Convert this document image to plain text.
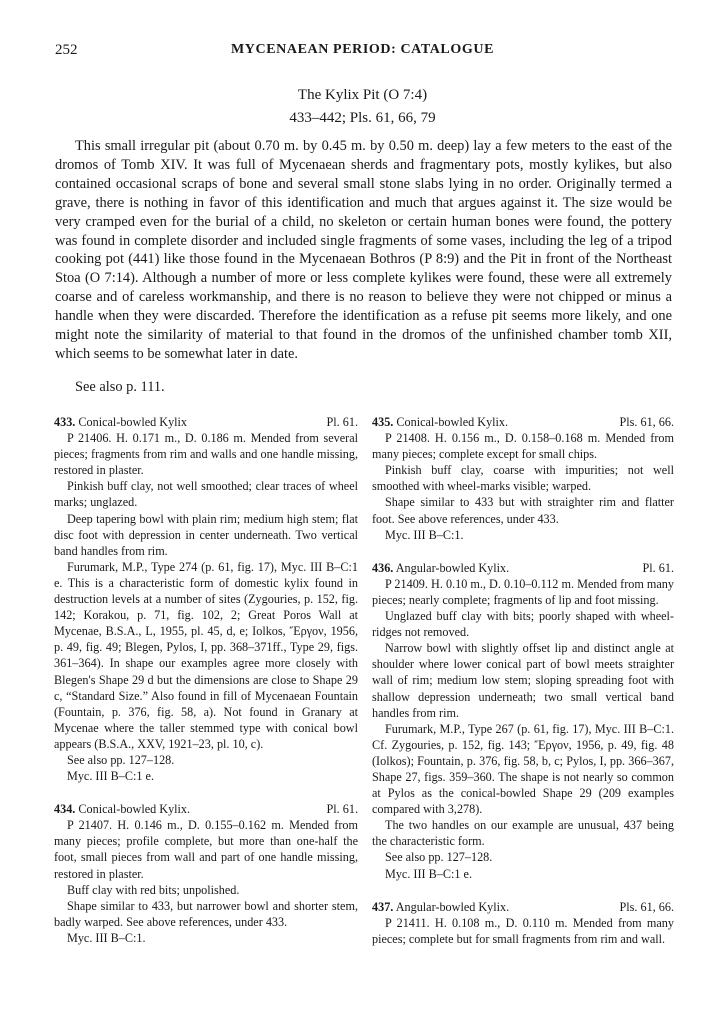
252	MYCENAEAN PERIOD: CATALOGUE
The Kylix Pit (O 7:4)
433–442; Pls. 61, 66, 79

This small irregular pit (about 0.70 m. by 0.45 m. by 0.50 m. deep) lay a few meters to the east of the dromos of Tomb XIV. It was full of Mycenaean sherds and fragmentary pots, mostly kylikes, but also contained occasional scraps of bone and several small stone slabs lying in no order. Originally termed a grave, there is nothing in favor of this identification and much that argues against it. The size would be very cramped even for the burial of a child, no skeleton or certain human bones were found, the pottery was found in complete disorder and included single fragments of some vases, including the leg of a tripod cooking pot (441) like those found in the Mycenaean Bothros (P 8:9) and the Pit in front of the Northeast Stoa (O 7:14). Although a number of more or less complete kylikes were found, these were all extremely coarse and of careless workmanship, and there is no reason to believe they were not chipped or minus a handle when they were discarded. Therefore the identification as a refuse pit seems more likely, and one might note the similarity of material to that found in the dromos of the unfinished chamber tomb XII, which seems to be somewhat later in date.

See also p. 111.

433. Conical-bowled Kylix	Pl. 61.

P 21406. H. 0.171 m., D. 0.186 m. Mended from several pieces; fragments from rim and walls and one handle missing, restored in plaster.

Pinkish buff clay, not well smoothed; clear traces of wheel marks; unglazed.

Deep tapering bowl with plain rim; medium high stem; flat disc foot with depression in center underneath. Two vertical band handles from rim.

Furumark, M.P., Type 274 (p. 61, fig. 17), Myc. III B–C:1 e. This is a characteristic form of domestic kylix found in destruction levels at a number of sites (Zygouries, p. 152, fig. 142; Korakou, p. 71, fig. 102, 2; Great Poros Wall at Mycenae, B.S.A., L, 1955, pl. 45, d, e; Iolkos, Ἔργον, 1956, p. 49, fig. 49; Blegen, Pylos, I, pp. 368–371ff., Type 29, figs. 361–364). In shape our examples agree more closely with Blegen's Shape 29 d but the dimensions are close to Shape 29 c, “Standard Size.” Also found in fill of Mycenaean Fountain (Fountain, p. 376, fig. 58, a). Not found in Granary at Mycenae where the taller stemmed type with conical bowl appears (B.S.A., XXV, 1921–23, pl. 10, c).

See also pp. 127–128.

Myc. III B–C:1 e.

434. Conical-bowled Kylix.	Pl. 61.

P 21407. H. 0.146 m., D. 0.155–0.162 m. Mended from many pieces; profile complete, but more than one-half the foot, small pieces from wall and part of one handle missing, restored in plaster.

Buff clay with red bits; unpolished.

Shape similar to 433, but narrower bowl and shorter stem, badly warped. See above references, under 433.

Myc. III B–C:1.

435. Conical-bowled Kylix.	Pls. 61, 66.

P 21408. H. 0.156 m., D. 0.158–0.168 m. Mended from many pieces; complete except for small chips.

Pinkish buff clay, coarse with impurities; not well smoothed with wheel-marks visible; warped.

Shape similar to 433 but with straighter rim and flatter foot. See above references, under 433.

Myc. III B–C:1.

436. Angular-bowled Kylix.	Pl. 61.

P 21409. H. 0.10 m., D. 0.10–0.112 m. Mended from many pieces; nearly complete; fragments of lip and foot missing.

Unglazed buff clay with bits; poorly shaped with wheel-ridges not removed.

Narrow bowl with slightly offset lip and distinct angle at shoulder where lower conical part of bowl meets straighter wall of rim; medium low stem; sloping spreading foot with shallow depression underneath; two small vertical band handles from rim.

Furumark, M.P., Type 267 (p. 61, fig. 17), Myc. III B–C:1. Cf. Zygouries, p. 152, fig. 143; Ἔργον, 1956, p. 49, fig. 48 (Iolkos); Fountain, p. 376, fig. 58, b, c; Pylos, I, pp. 366–367, Shape 27, figs. 359–360. The shape is not nearly so common at Pylos as the conical-bowled Shape 29 (209 examples compared with 3,278).

The two handles on our example are unusual, 437 being the characteristic form.

See also pp. 127–128.

Myc. III B–C:1 e.

437. Angular-bowled Kylix.	Pls. 61, 66.

P 21411. H. 0.108 m., D. 0.110 m. Mended from many pieces; complete but for small fragments from rim and wall.
